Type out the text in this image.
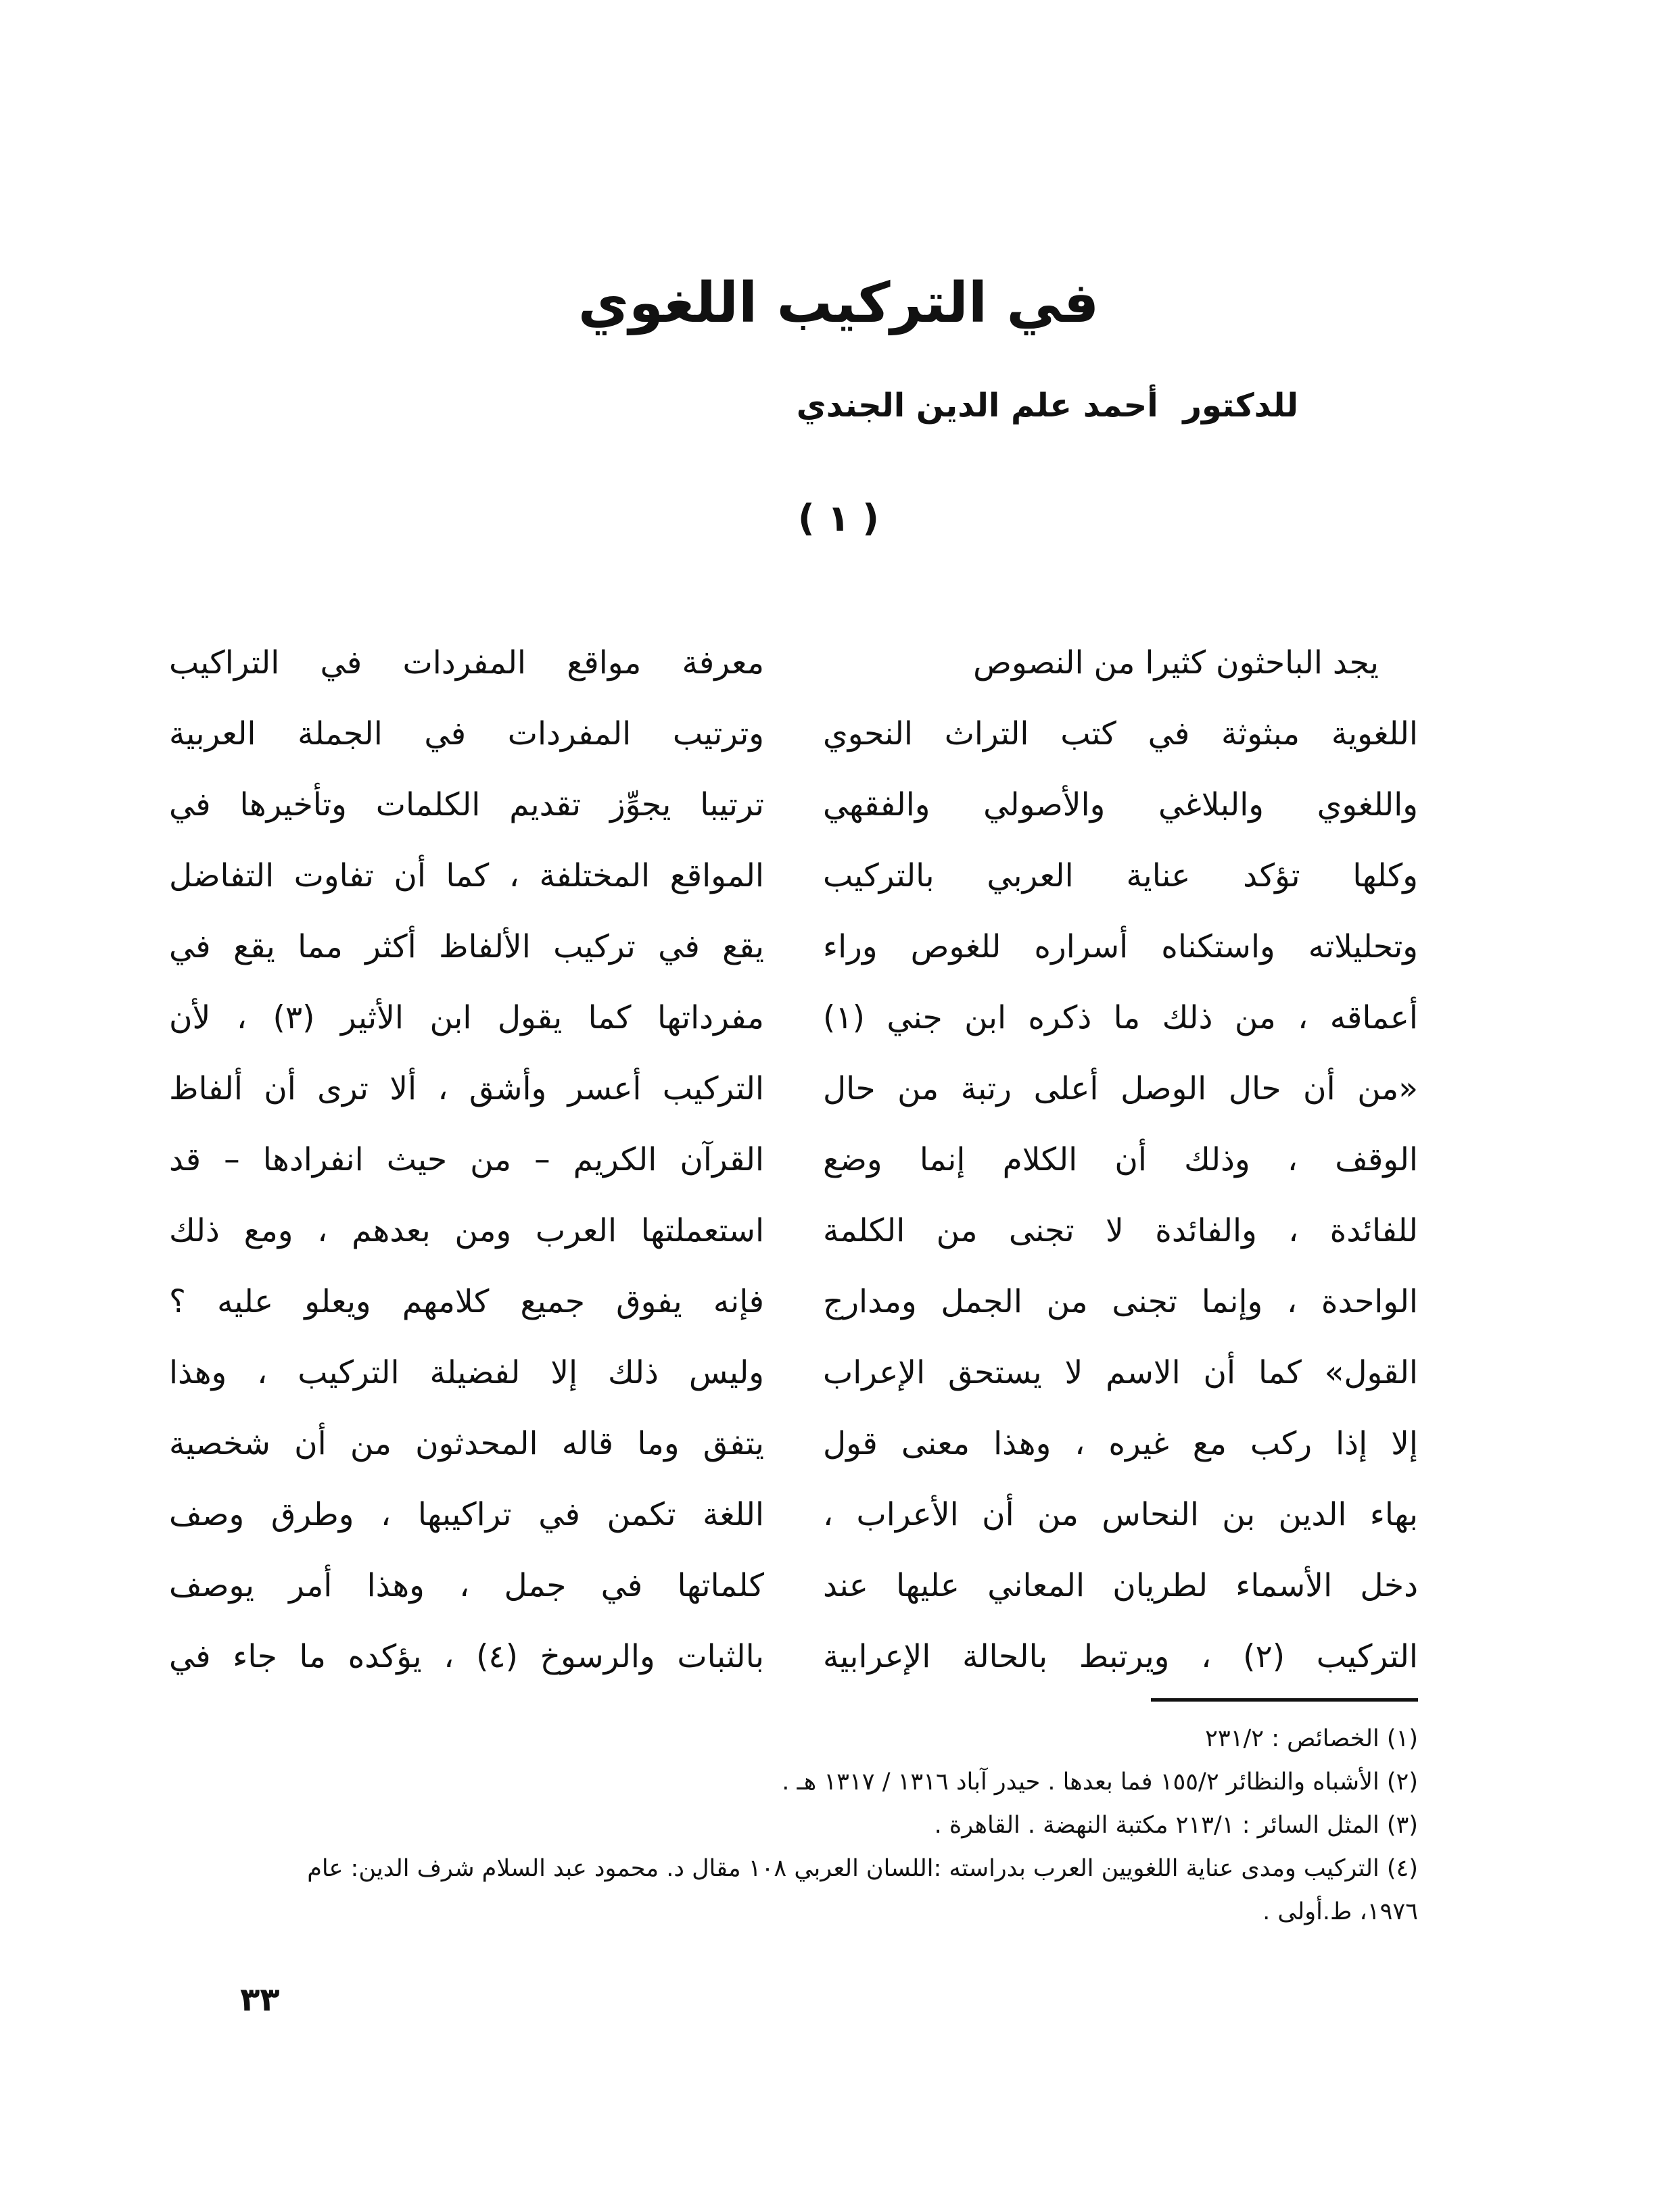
في التركيب اللغوي
للدكتور أحمد علم الدين الجندي
( ١ )
يجد الباحثون كثيرا من النصوص
اللغوية مبثوثة في كتب التراث النحوي
واللغوي والبلاغي والأصولي والفقهي
وكلها تؤكد عناية العربي بالتركيب
وتحليلاته واستكناه أسراره للغوص وراء
أعماقه ، من ذلك ما ذكره ابن جني (١)
«من أن حال الوصل أعلى رتبة من حال
الوقف ، وذلك أن الكلام إنما وضع
للفائدة ، والفائدة لا تجنى من الكلمة
الواحدة ، وإنما تجنى من الجمل ومدارج
القول» كما أن الاسم لا يستحق الإعراب
إلا إذا ركب مع غيره ، وهذا معنى قول
بهاء الدين بن النحاس من أن الأعراب ،
دخل الأسماء لطريان المعاني عليها عند
التركيب (٢) ، ويرتبط بالحالة الإعرابية
معرفة مواقع المفردات في التراكيب
وترتيب المفردات في الجملة العربية
ترتيبا يجوِّز تقديم الكلمات وتأخيرها في
المواقع المختلفة ، كما أن تفاوت التفاضل
يقع في تركيب الألفاظ أكثر مما يقع في
مفرداتها كما يقول ابن الأثير (٣) ، لأن
التركيب أعسر وأشق ، ألا ترى أن ألفاظ
القرآن الكريم – من حيث انفرادها – قد
استعملتها العرب ومن بعدهم ، ومع ذلك
فإنه يفوق جميع كلامهم ويعلو عليه ؟
وليس ذلك إلا لفضيلة التركيب ، وهذا
يتفق وما قاله المحدثون من أن شخصية
اللغة تكمن في تراكيبها ، وطرق وصف
كلماتها في جمل ، وهذا أمر يوصف
بالثبات والرسوخ (٤) ، يؤكده ما جاء في
(١) الخصائص : ٢٣١/٢
(٢) الأشباه والنظائر ١٥٥/٢ فما بعدها . حيدر آباد ١٣١٦ / ١٣١٧ هـ .
(٣) المثل السائر : ٢١٣/١ مكتبة النهضة . القاهرة .
(٤) التركيب ومدى عناية اللغويين العرب بدراسته :اللسان العربي ١٠٨ مقال د. محمود عبد السلام شرف الدين: عام ١٩٧٦، ط.أولى .
٣٣
